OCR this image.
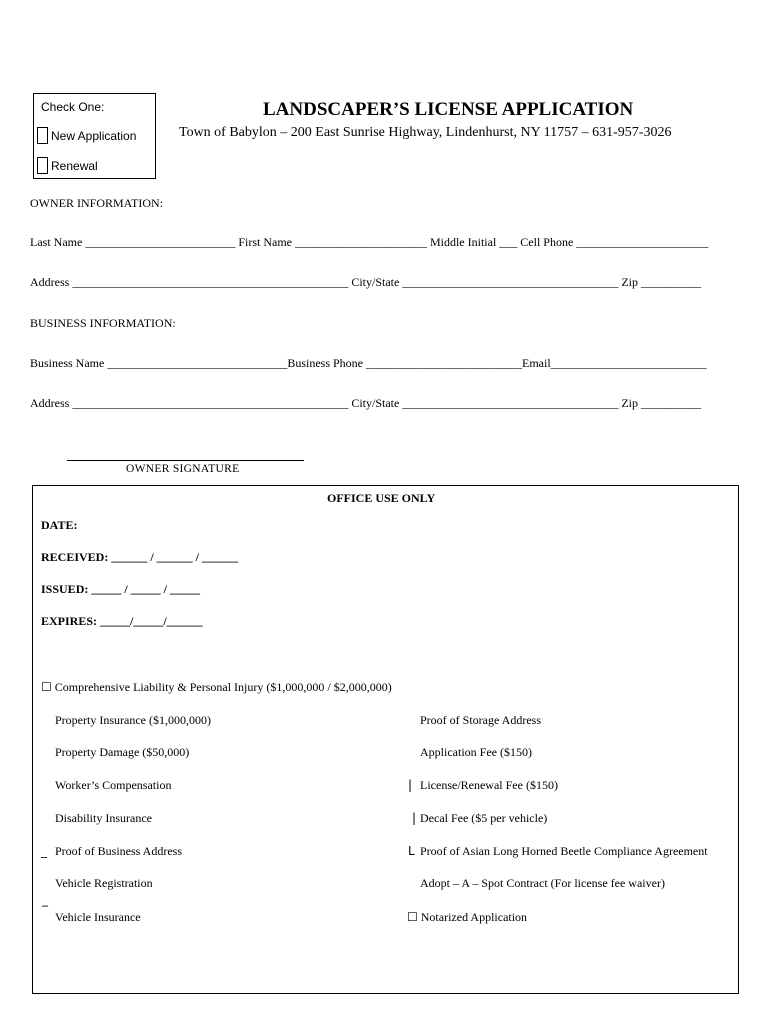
Check One:
New Application
Renewal
LANDSCAPER’S LICENSE APPLICATION
Town of Babylon – 200 East Sunrise Highway, Lindenhurst, NY 11757 – 631-957-3026
OWNER INFORMATION:
Last Name _________________________ First Name ______________________ Middle Initial ___ Cell Phone ______________________
Address ______________________________________________ City/State ____________________________________ Zip __________
BUSINESS INFORMATION:
Business Name ______________________________Business Phone __________________________Email__________________________
Address ______________________________________________ City/State ____________________________________ Zip __________
OWNER SIGNATURE
OFFICE USE ONLY
DATE:
RECEIVED: ______ / ______ / ______
ISSUED: _____ / _____ / _____
EXPIRES: _____/_____/______
☐ Comprehensive Liability & Personal Injury ($1,000,000 / $2,000,000)
Property Insurance ($1,000,000)
Property Damage ($50,000)
Worker’s Compensation
Disability Insurance
_ Proof of Business Address
Vehicle Registration
‾ Vehicle Insurance
Proof of Storage Address
Application Fee ($150)
| License/Renewal Fee ($150)
| Decal Fee ($5 per vehicle)
L Proof of Asian Long Horned Beetle Compliance Agreement
Adopt – A – Spot Contract (For license fee waiver)
☐ Notarized Application
